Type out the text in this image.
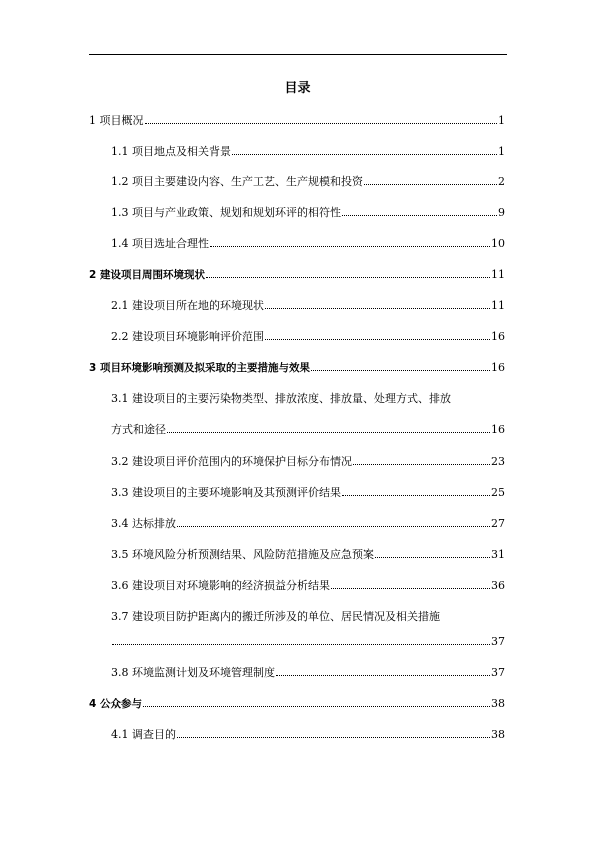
目录
1 项目概况	1
1.1 项目地点及相关背景	1
1.2 项目主要建设内容、生产工艺、生产规模和投资	2
1.3 项目与产业政策、规划和规划环评的相符性	9
1.4 项目选址合理性	10
2 建设项目周围环境现状	11
2.1 建设项目所在地的环境现状	11
2.2 建设项目环境影响评价范围	16
3 项目环境影响预测及拟采取的主要措施与效果	16
3.1 建设项目的主要污染物类型、排放浓度、排放量、处理方式、排放
方式和途径	16
3.2 建设项目评价范围内的环境保护目标分布情况	23
3.3 建设项目的主要环境影响及其预测评价结果	25
3.4 达标排放	27
3.5 环境风险分析预测结果、风险防范措施及应急预案	31
3.6 建设项目对环境影响的经济损益分析结果	36
3.7 建设项目防护距离内的搬迁所涉及的单位、居民情况及相关措施
37
3.8 环境监测计划及环境管理制度	37
4 公众参与	38
4.1 调查目的	38
